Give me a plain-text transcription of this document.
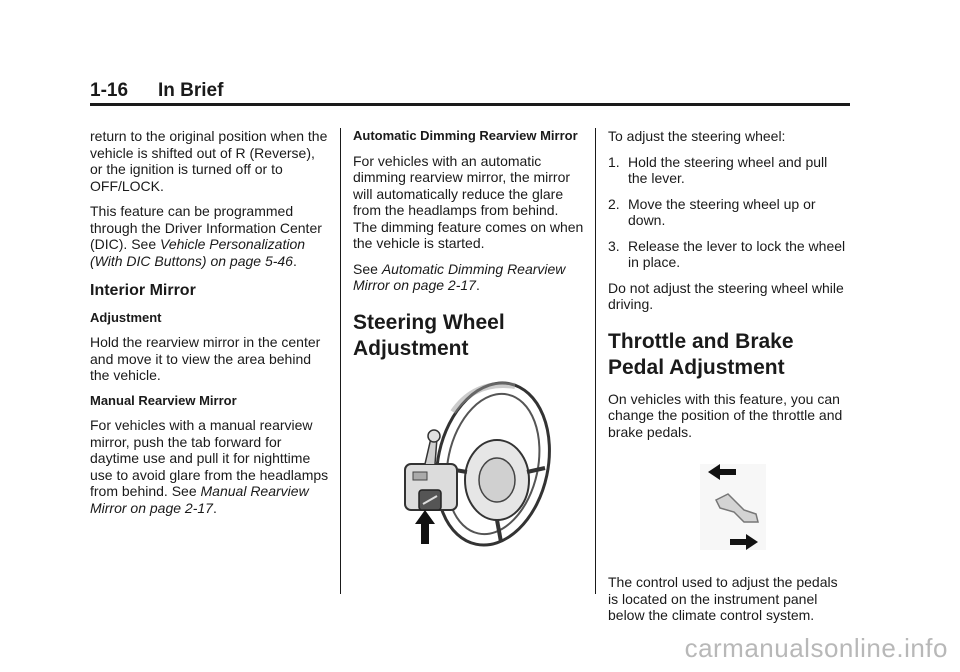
1-16 In Brief

return to the original position when the vehicle is shifted out of R (Reverse), or the ignition is turned off or to OFF/LOCK.

This feature can be programmed through the Driver Information Center (DIC). See Vehicle Personalization (With DIC Buttons) on page 5-46.

Interior Mirror
Adjustment

Hold the rearview mirror in the center and move it to view the area behind the vehicle.

Manual Rearview Mirror

For vehicles with a manual rearview mirror, push the tab forward for daytime use and pull it for nighttime use to avoid glare from the headlamps from behind. See Manual Rearview Mirror on page 2-17.

Automatic Dimming Rearview Mirror

For vehicles with an automatic dimming rearview mirror, the mirror will automatically reduce the glare from the headlamps from behind. The dimming feature comes on when the vehicle is started.

See Automatic Dimming Rearview Mirror on page 2-17.

Steering Wheel Adjustment

To adjust the steering wheel:

1. Hold the steering wheel and pull the lever.
2. Move the steering wheel up or down.
3. Release the lever to lock the wheel in place.

Do not adjust the steering wheel while driving.

Throttle and Brake Pedal Adjustment

On vehicles with this feature, you can change the position of the throttle and brake pedals.

The control used to adjust the pedals is located on the instrument panel below the climate control system.

carmanualsonline.info
